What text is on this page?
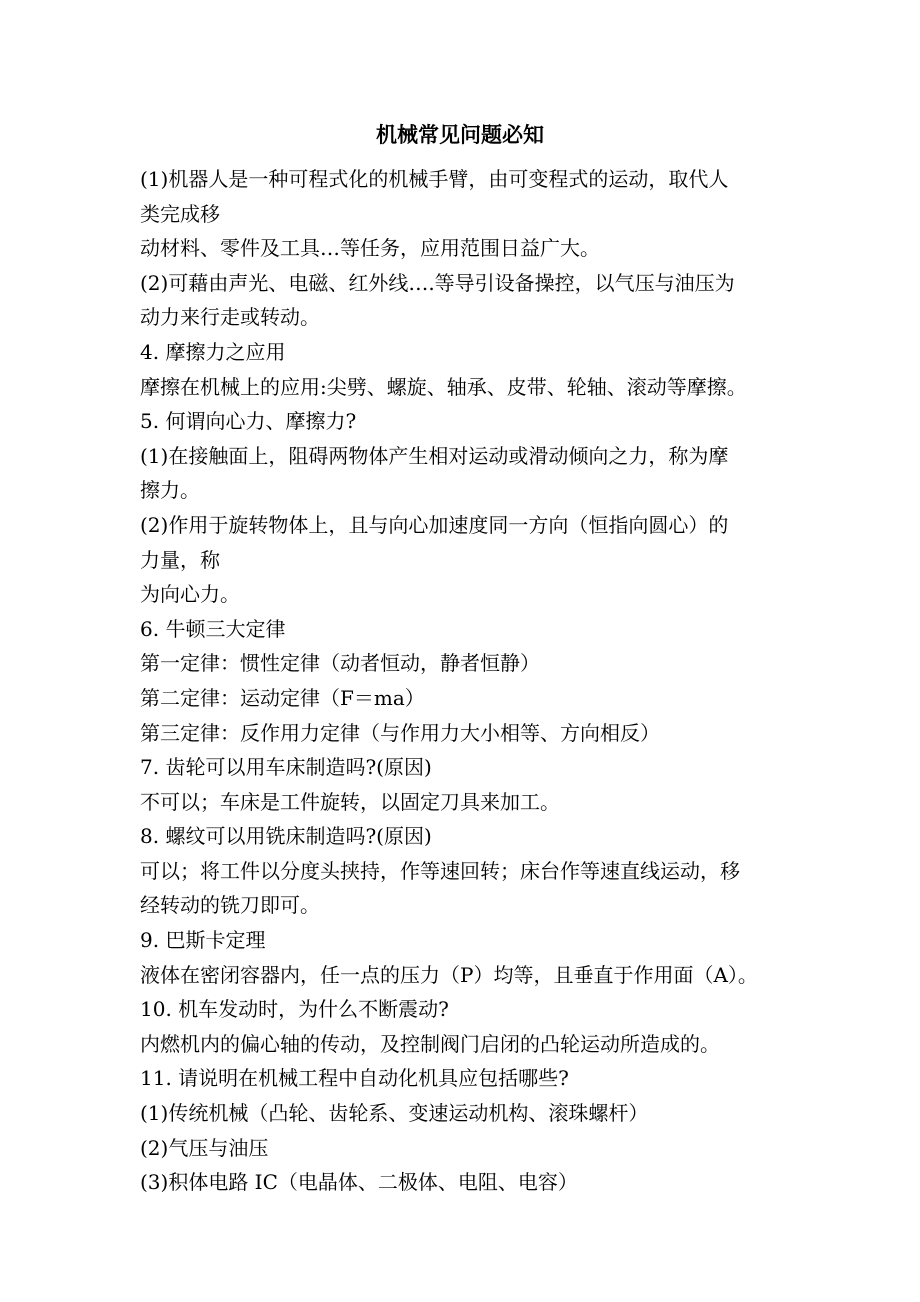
机械常见问题必知
(1)机器人是一种可程式化的机械手臂，由可变程式的运动，取代人
类完成移
动材料、零件及工具…等任务，应用范围日益广大。
(2)可藉由声光、电磁、红外线….等导引设备操控，以气压与油压为
动力来行走或转动。
4. 摩擦力之应用
摩擦在机械上的应用:尖劈、螺旋、轴承、皮带、轮轴、滚动等摩擦。
5. 何谓向心力、摩擦力?
(1)在接触面上，阻碍两物体产生相对运动或滑动倾向之力，称为摩
擦力。
(2)作用于旋转物体上，且与向心加速度同一方向（恒指向圆心）的
力量，称
为向心力。
6. 牛顿三大定律
第一定律：惯性定律（动者恒动，静者恒静）
第二定律：运动定律（F＝ma）
第三定律：反作用力定律（与作用力大小相等、方向相反）
7. 齿轮可以用车床制造吗?(原因)
不可以；车床是工件旋转，以固定刀具来加工。
8. 螺纹可以用铣床制造吗?(原因)
可以；将工件以分度头挟持，作等速回转；床台作等速直线运动，移
经转动的铣刀即可。
9. 巴斯卡定理
液体在密闭容器内，任一点的压力（P）均等，且垂直于作用面（A）。
10. 机车发动时，为什么不断震动?
内燃机内的偏心轴的传动，及控制阀门启闭的凸轮运动所造成的。
11. 请说明在机械工程中自动化机具应包括哪些?
(1)传统机械（凸轮、齿轮系、变速运动机构、滚珠螺杆）
(2)气压与油压
(3)积体电路 IC（电晶体、二极体、电阻、电容）
